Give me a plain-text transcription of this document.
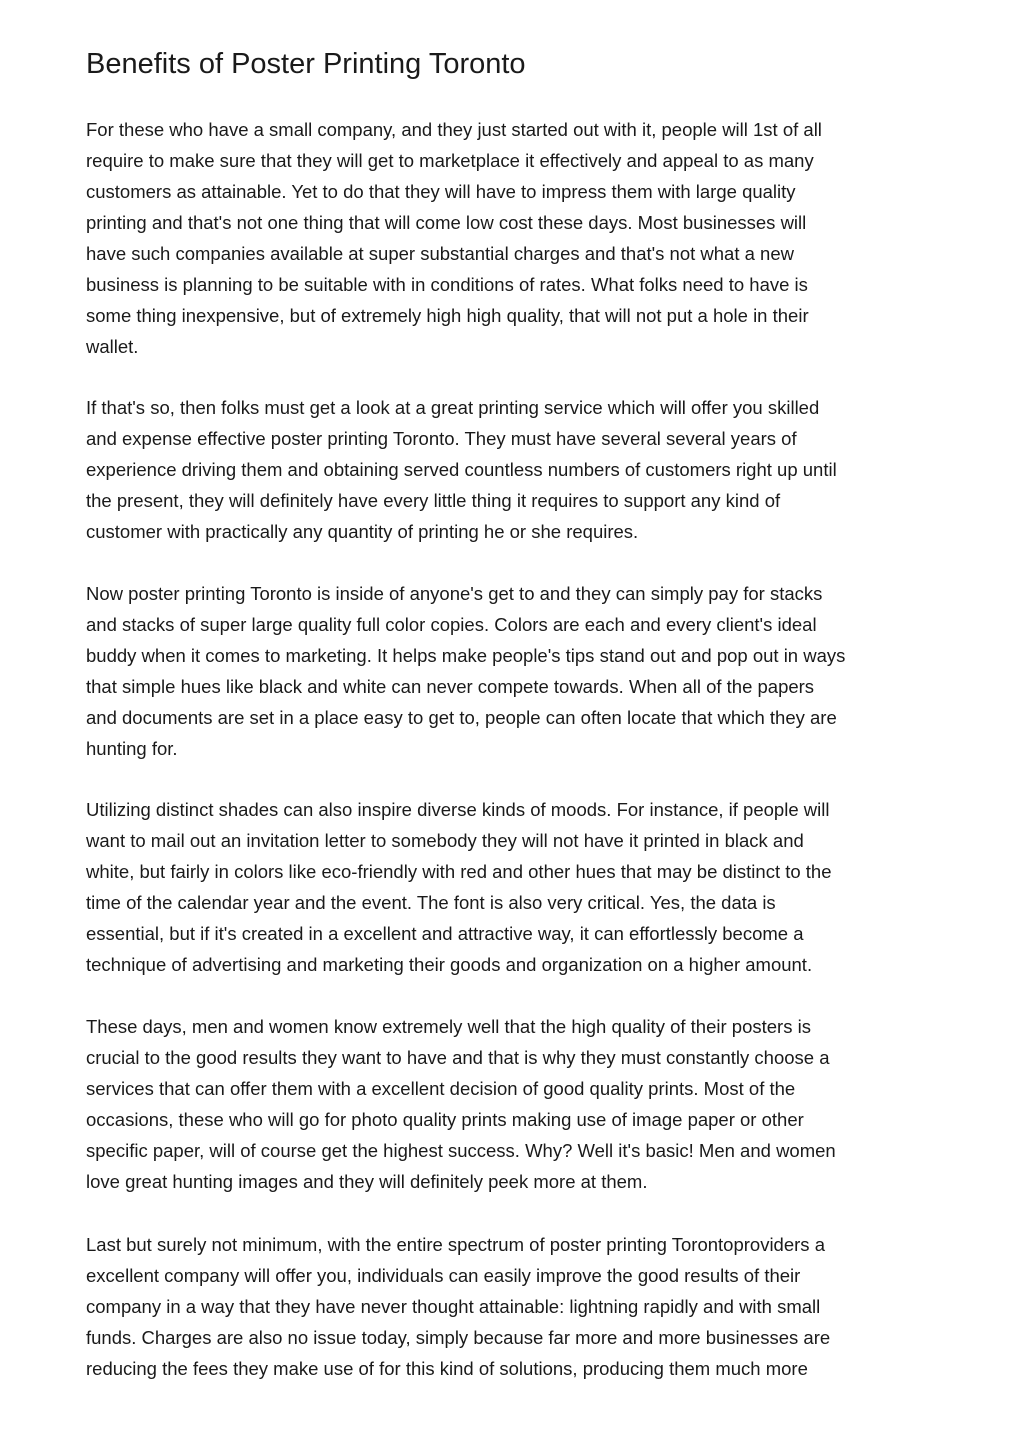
Benefits of Poster Printing Toronto
For these who have a small company, and they just started out with it, people will 1st of all
require to make sure that they will get to marketplace it effectively and appeal to as many
customers as attainable. Yet to do that they will have to impress them with large quality
printing and that's not one thing that will come low cost these days. Most businesses will
have such companies available at super substantial charges and that's not what a new
business is planning to be suitable with in conditions of rates. What folks need to have is
some thing inexpensive, but of extremely high high quality, that will not put a hole in their
wallet.
If that's so, then folks must get a look at a great printing service which will offer you skilled
and expense effective poster printing Toronto. They must have several several years of
experience driving them and obtaining served countless numbers of customers right up until
the present, they will definitely have every little thing it requires to support any kind of
customer with practically any quantity of printing he or she requires.
Now poster printing Toronto is inside of anyone's get to and they can simply pay for stacks
and stacks of super large quality full color copies. Colors are each and every client's ideal
buddy when it comes to marketing. It helps make people's tips stand out and pop out in ways
that simple hues like black and white can never compete towards. When all of the papers
and documents are set in a place easy to get to, people can often locate that which they are
hunting for.
Utilizing distinct shades can also inspire diverse kinds of moods. For instance, if people will
want to mail out an invitation letter to somebody they will not have it printed in black and
white, but fairly in colors like eco-friendly with red and other hues that may be distinct to the
time of the calendar year and the event. The font is also very critical. Yes, the data is
essential, but if it's created in a excellent and attractive way, it can effortlessly become a
technique of advertising and marketing their goods and organization on a higher amount.
These days, men and women know extremely well that the high quality of their posters is
crucial to the good results they want to have and that is why they must constantly choose a
services that can offer them with a excellent decision of good quality prints. Most of the
occasions, these who will go for photo quality prints making use of image paper or other
specific paper, will of course get the highest success. Why? Well it's basic! Men and women
love great hunting images and they will definitely peek more at them.
Last but surely not minimum, with the entire spectrum of poster printing Torontoproviders a
excellent company will offer you, individuals can easily improve the good results of their
company in a way that they have never thought attainable: lightning rapidly and with small
funds. Charges are also no issue today, simply because far more and more businesses are
reducing the fees they make use of for this kind of solutions, producing them much more
